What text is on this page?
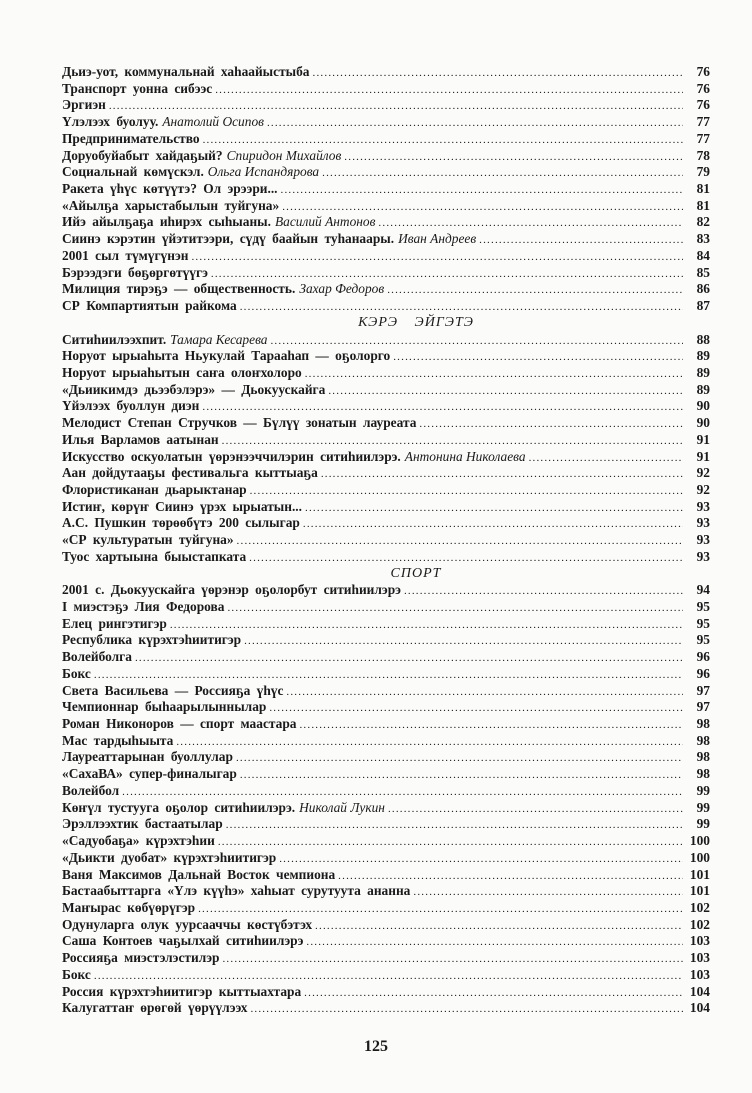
Дьиэ-уот, коммунальнай хаһаайыстыба .....	76
Транспорт уонна сибээс .....	76
Эргиэн .....	76
Үлэлээх буолуу. Анатолий Осипов .....	77
Предпринимательство .....	77
Доруобуйабыт хайдаҕый? Спиридон Михайлов .....	78
Социальнай көмүскэл. Ольга Испандярова .....	79
Ракета үһүс көтүүтэ? Ол эрээри... .....	81
«Айылҕа харыстабылын туйгуна» .....	81
Ийэ айылҕаҕа иһирэх сыһыаны. Василий Антонов .....	82
Сиинэ кэрэтин үйэтитээри, сүдү баайын туһанаары. Иван Андреев .....	83
2001 сыл түмүгүнэн .....	84
Бэрээдэги бөҕөргөтүүгэ .....	85
Милиция тирэҕэ — общественность. Захар Федоров .....	86
СР Компартиятын райкома .....	87
КЭРЭ ЭЙГЭТЭ
Ситиһиилээхпит. Тамара Кесарева .....	88
Норуот ырыаһыта Ньукулай Тарааһап — оҕолорго .....	89
Норуот ырыаһытын саҥа олоҥхолоро .....	89
«Дьиикимдэ дьээбэлэрэ» — Дьокуускайга .....	89
Үйэлээх буоллун диэн .....	90
Мелодист Степан Стручков — Бүлүү зонатын лауреата .....	90
Илья Варламов аатынан .....	91
Искусство оскуолатын үөрэнээччилэрин ситиһиилэрэ. Антонина Николаева .....	91
Аан дойдутааҕы фестивальга кыттыаҕа .....	92
Флористиканан дьарыктанар .....	92
Истиҥ, көрүҥ Сиинэ үрэх ырыатын... .....	93
А.С. Пушкин төрөөбүтэ 200 сылыгар .....	93
«СР культуратын туйгуна» .....	93
Туос хартыына быыстапката .....	93
СПОРТ
2001 с. Дьокуускайга үөрэнэр оҕолорбут ситиһиилэрэ .....	94
I миэстэҕэ Лия Федорова .....	95
Елец рингэтигэр .....	95
Республика күрэхтэһиитигэр .....	95
Волейболга .....	96
Бокс .....	96
Света Васильева — Россияҕа үһүс .....	97
Чемпионнар быһаарылыннылар .....	97
Роман Никоноров — спорт маастара .....	98
Мас тардыһыыта .....	98
Лауреаттарынан буоллулар .....	98
«СахаВА» супер-финалыгар .....	98
Волейбол .....	99
Көҥүл тустууга оҕолор ситиһиилэрэ. Николай Лукин .....	99
Эрэллээхтик бастаатылар .....	99
«Садуобаҕа» күрэхтэһии .....	100
«Дьикти дуобат» күрэхтэһиитигэр .....	100
Ваня Максимов Дальнай Восток чемпиона .....	101
Бастаабыттарга «Үлэ күүһэ» хаһыат сурутуута ананна .....	101
Маҥырас көбүөрүгэр .....	102
Одунуларга олук уурсааччы көстүбэтэх .....	102
Саша Контоев чаҕылхай ситиһиилэрэ .....	103
Россияҕа миэстэлэстилэр .....	103
Бокс .....	103
Россия күрэхтэһиитигэр кыттыахтара .....	104
Калугаттаҥ өрөгөй үөрүүлээх .....	104
125
